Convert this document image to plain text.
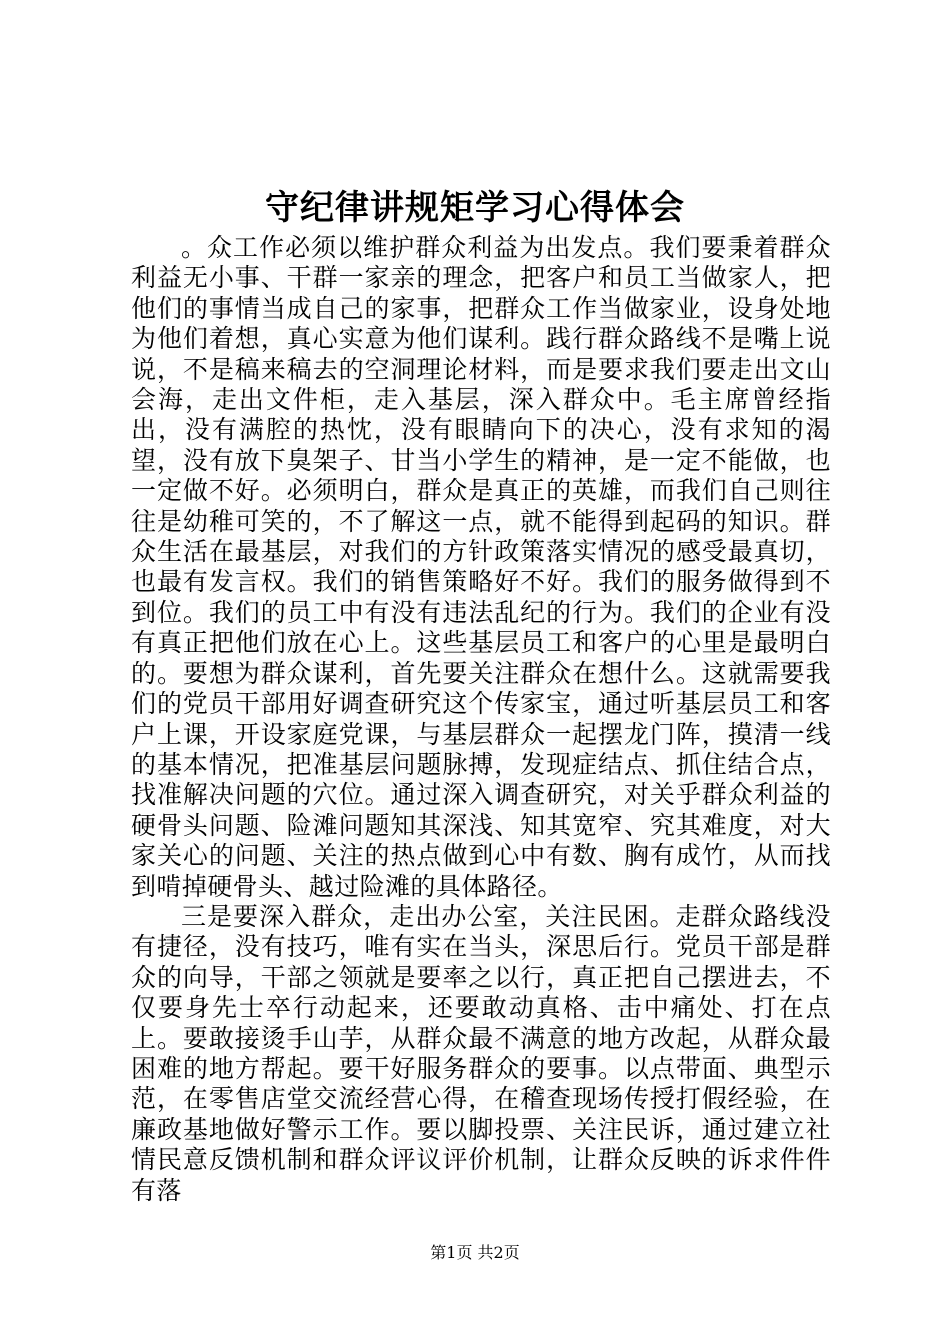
守纪律讲规矩学习心得体会

。众工作必须以维护群众利益为出发点。我们要秉着群众利益无小事、干群一家亲的理念，把客户和员工当做家人，把他们的事情当成自己的家事，把群众工作当做家业，设身处地为他们着想，真心实意为他们谋利。践行群众路线不是嘴上说说，不是稿来稿去的空洞理论材料，而是要求我们要走出文山会海，走出文件柜，走入基层，深入群众中。毛主席曾经指出，没有满腔的热忱，没有眼睛向下的决心，没有求知的渴望，没有放下臭架子、甘当小学生的精神，是一定不能做，也一定做不好。必须明白，群众是真正的英雄，而我们自己则往往是幼稚可笑的，不了解这一点，就不能得到起码的知识。群众生活在最基层，对我们的方针政策落实情况的感受最真切，也最有发言权。我们的销售策略好不好。我们的服务做得到不到位。我们的员工中有没有违法乱纪的行为。我们的企业有没有真正把他们放在心上。这些基层员工和客户的心里是最明白的。要想为群众谋利，首先要关注群众在想什么。这就需要我们的党员干部用好调查研究这个传家宝，通过听基层员工和客户上课，开设家庭党课，与基层群众一起摆龙门阵，摸清一线的基本情况，把准基层问题脉搏，发现症结点、抓住结合点，找准解决问题的穴位。通过深入调查研究，对关乎群众利益的硬骨头问题、险滩问题知其深浅、知其宽窄、究其难度，对大家关心的问题、关注的热点做到心中有数、胸有成竹，从而找到啃掉硬骨头、越过险滩的具体路径。

三是要深入群众，走出办公室，关注民困。走群众路线没有捷径，没有技巧，唯有实在当头，深思后行。党员干部是群众的向导，干部之领就是要率之以行，真正把自己摆进去，不仅要身先士卒行动起来，还要敢动真格、击中痛处、打在点上。要敢接烫手山芋，从群众最不满意的地方改起，从群众最困难的地方帮起。要干好服务群众的要事。以点带面、典型示范，在零售店堂交流经营心得，在稽查现场传授打假经验，在廉政基地做好警示工作。要以脚投票、关注民诉，通过建立社情民意反馈机制和群众评议评价机制，让群众反映的诉求件件有落

第1页 共2页
